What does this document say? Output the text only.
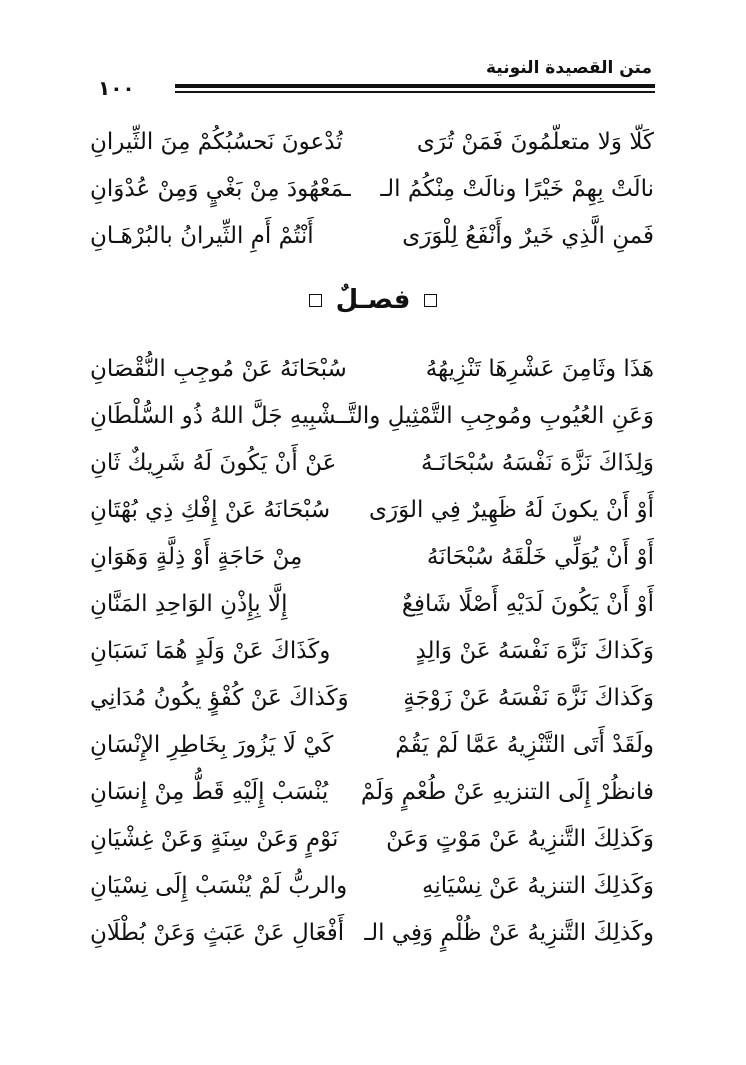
متن القصيدة النونية
١٠٠
كَلّا وَلا متعلّمُونَ فَمَنْ تُرَى
تُدْعونَ نَحسُبُكُمْ مِنَ الثِّيرانِ
نالَتْ بِهِمْ خَيْرًا ونالَتْ مِنْكُمُ الـ
ـمَعْهُودَ مِنْ بَغْيٍ وَمِنْ عُدْوَانِ
فَمنِ الَّذِي خَيرٌ وأَنْفَعُ لِلْوَرَى
أَنْتُمْ أَمِ الثِّيرانُ بالبُرْهَـانِ
فصـلٌ
هَذَا وثَامِنَ عَشْرِهَا تَنْزِيهُهُ
سُبْحَانَهُ عَنْ مُوجِبِ النُّقْصَانِ
وَعَنِ العُيُوبِ ومُوجِبِ التَّمْثِيلِ والتَّـ
ـشْبِيهِ جَلَّ اللهُ ذُو السُّلْطَانِ
وَلِذَاكَ نَزَّهَ نَفْسَهُ سُبْحَانَـهُ
عَنْ أَنْ يَكُونَ لَهُ شَرِيكٌ ثَانِ
أَوْ أَنْ يكونَ لَهُ ظَهِيرٌ فِي الوَرَى
سُبْحَانَهُ عَنْ إِفْكِ ذِي بُهْتَانِ
أَوْ أَنْ يُوَلِّي خَلْقَهُ سُبْحَانَهُ
مِنْ حَاجَةٍ أَوْ ذِلَّةٍ وَهَوَانِ
أَوْ أَنْ يَكُونَ لَدَيْهِ أَصْلًا شَافِعٌ
إِلَّا بِإِذْنِ الوَاحِدِ المَنَّانِ
وَكَذاكَ نَزَّهَ نَفْسَهُ عَنْ وَالِدٍ
وكَذَاكَ عَنْ وَلَدٍ هُمَا نَسَبَانِ
وَكَذاكَ نَزَّهَ نَفْسَهُ عَنْ زَوْجَةٍ
وَكَذاكَ عَنْ كُفْؤٍ يكُونُ مُدَانِي
ولَقَدْ أَتَى التَّنْزِيهُ عَمَّا لَمْ يَقُمْ
كَيْ لَا يَزُورَ بِخَاطِرِ الإِنْسَانِ
فانظُرْ إِلَى التنزيهِ عَنْ طُعْمٍ وَلَمْ
يُنْسَبْ إِلَيْهِ قَطُّ مِنْ إِنسَانِ
وَكَذلِكَ التَّنزِيهُ عَنْ مَوْتٍ وَعَنْ
نَوْمٍ وَعَنْ سِنَةٍ وَعَنْ غِشْيَانِ
وَكَذلِكَ التنزيهُ عَنْ نِسْيَانِهِ
والربُّ لَمْ يُنْسَبْ إِلَى نِسْيَانِ
وكَذلِكَ التَّنزِيهُ عَنْ ظُلْمٍ وَفِي الـ
أَفْعَالِ عَنْ عَبَثٍ وَعَنْ بُطْلَانِ
